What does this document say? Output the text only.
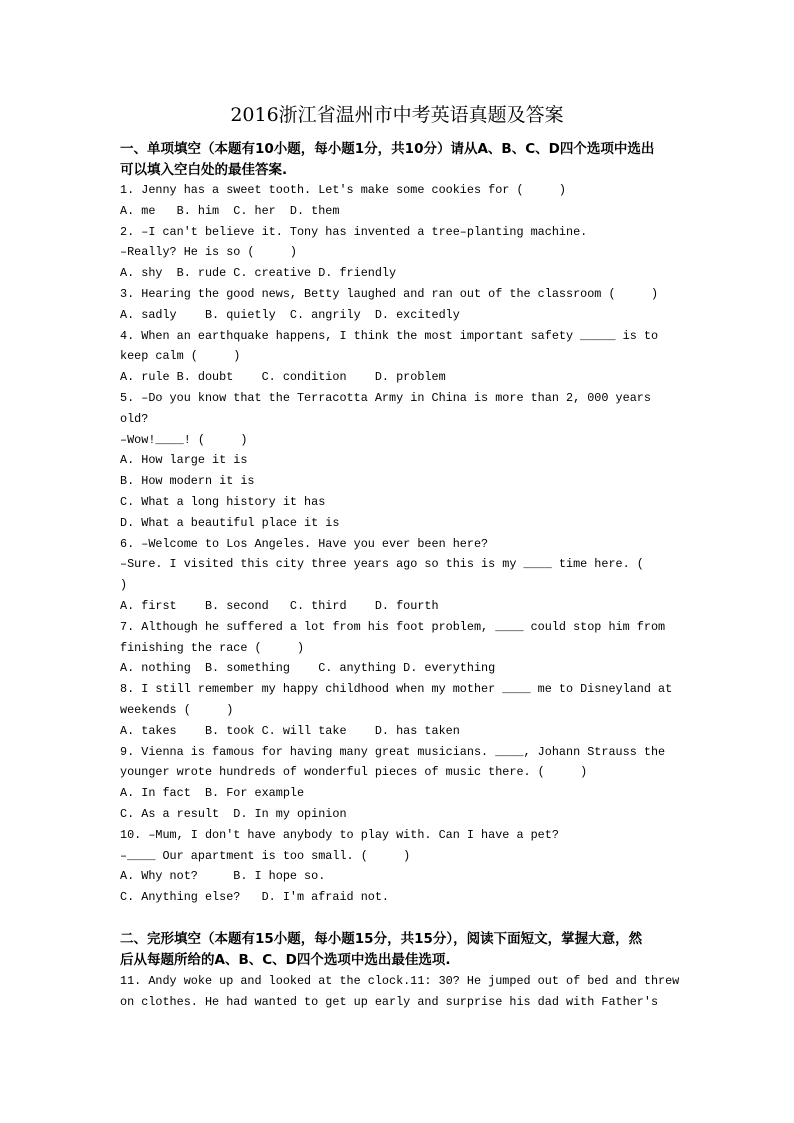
2016浙江省温州市中考英语真题及答案
一、单项填空（本题有10小题，每小题1分，共10分）请从A、B、C、D四个选项中选出
可以填入空白处的最佳答案.
1. Jenny has a sweet tooth. Let's make some cookies for (     )
A. me   B. him  C. her  D. them
2. –I can't believe it. Tony has invented a tree–planting machine.
–Really? He is so (     )
A. shy  B. rude C. creative D. friendly
3. Hearing the good news, Betty laughed and ran out of the classroom (     )
A. sadly    B. quietly  C. angrily  D. excitedly
4. When an earthquake happens, I think the most important safety _____ is to
keep calm (     )
A. rule B. doubt    C. condition    D. problem
5. –Do you know that the Terracotta Army in China is more than 2, 000 years
old?
–Wow!____! (     )
A. How large it is
B. How modern it is
C. What a long history it has
D. What a beautiful place it is
6. –Welcome to Los Angeles. Have you ever been here?
–Sure. I visited this city three years ago so this is my ____ time here. (
)
A. first    B. second   C. third    D. fourth
7. Although he suffered a lot from his foot problem, ____ could stop him from
finishing the race (     )
A. nothing  B. something    C. anything D. everything
8. I still remember my happy childhood when my mother ____ me to Disneyland at
weekends (     )
A. takes    B. took C. will take    D. has taken
9. Vienna is famous for having many great musicians. ____, Johann Strauss the
younger wrote hundreds of wonderful pieces of music there. (     )
A. In fact  B. For example
C. As a result  D. In my opinion
10. –Mum, I don't have anybody to play with. Can I have a pet?
–____ Our apartment is too small. (     )
A. Why not?     B. I hope so.
C. Anything else?   D. I'm afraid not.
二、完形填空（本题有15小题，每小题15分，共15分），阅读下面短文，掌握大意，然
后从每题所给的A、B、C、D四个选项中选出最佳选项.
11. Andy woke up and looked at the clock.11: 30? He jumped out of bed and threw
on clothes. He had wanted to get up early and surprise his dad with Father's
